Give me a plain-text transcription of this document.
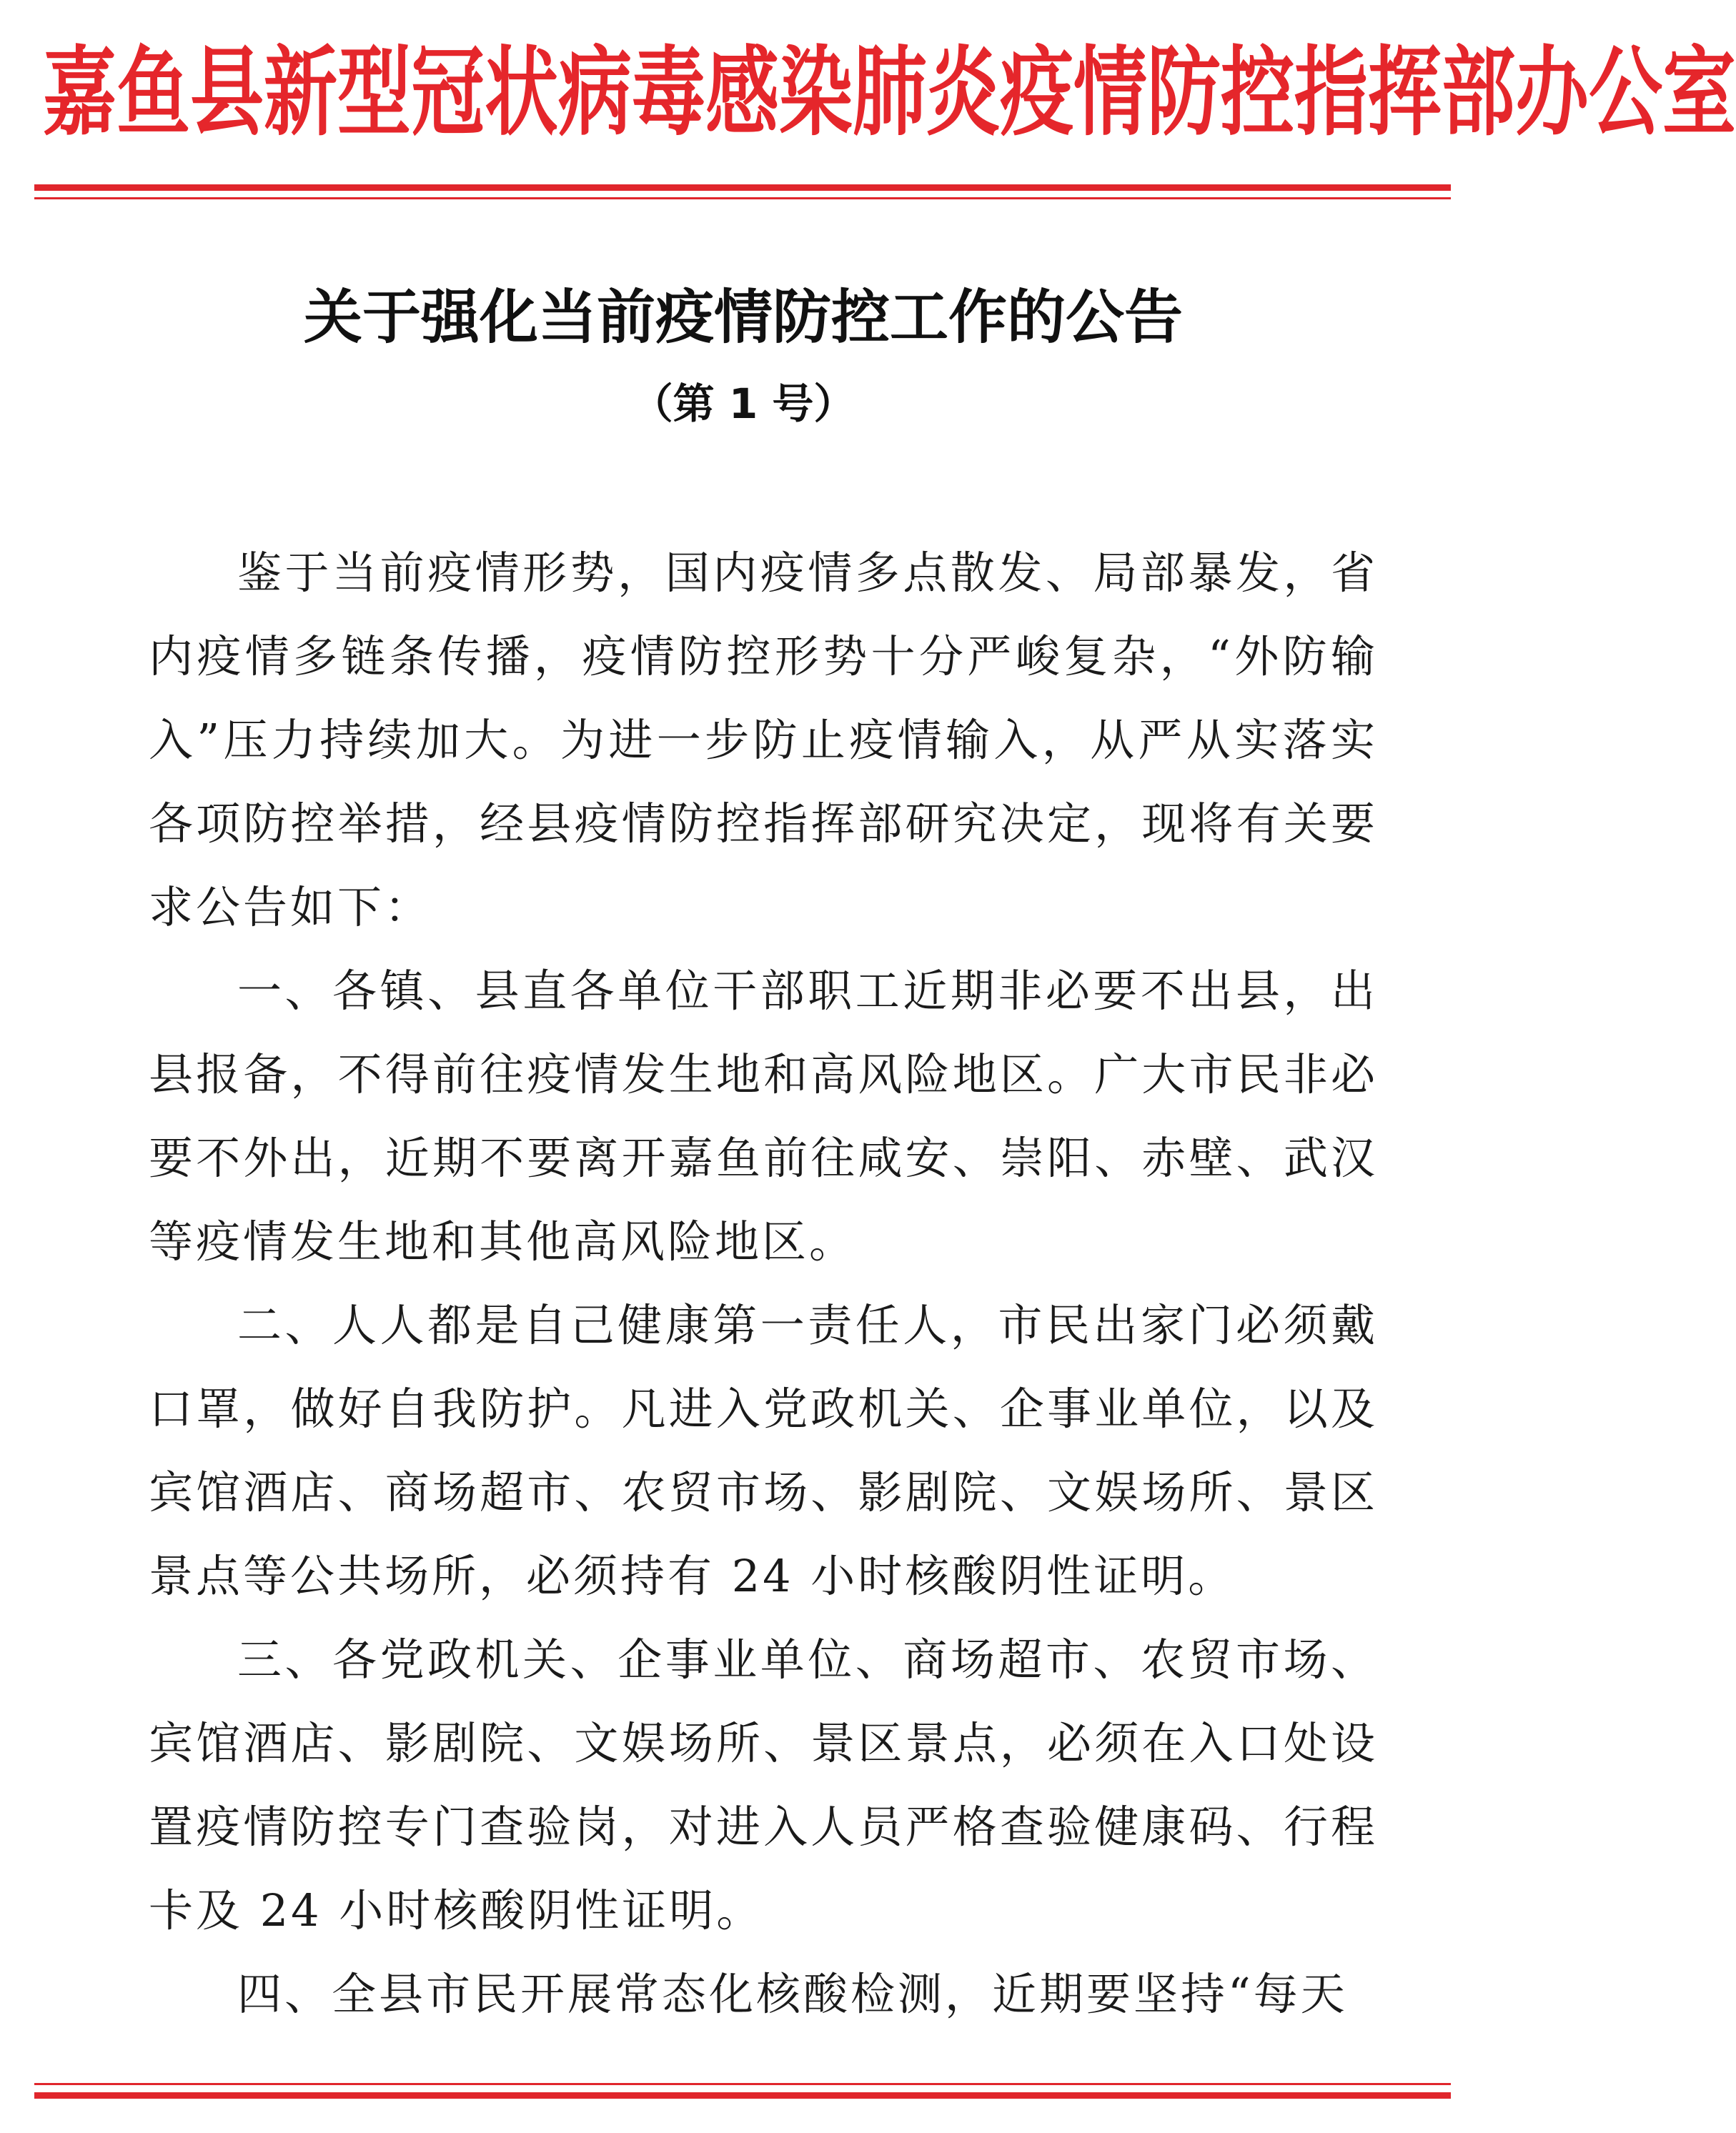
嘉鱼县新型冠状病毒感染肺炎疫情防控指挥部办公室
关于强化当前疫情防控工作的公告
（第 1 号）

鉴于当前疫情形势，国内疫情多点散发、局部暴发，省内疫情多链条传播，疫情防控形势十分严峻复杂，“外防输入”压力持续加大。为进一步防止疫情输入，从严从实落实各项防控举措，经县疫情防控指挥部研究决定，现将有关要求公告如下：

一、各镇、县直各单位干部职工近期非必要不出县，出县报备，不得前往疫情发生地和高风险地区。广大市民非必要不外出，近期不要离开嘉鱼前往咸安、崇阳、赤壁、武汉等疫情发生地和其他高风险地区。

二、人人都是自己健康第一责任人，市民出家门必须戴口罩，做好自我防护。凡进入党政机关、企事业单位，以及宾馆酒店、商场超市、农贸市场、影剧院、文娱场所、景区景点等公共场所，必须持有 24 小时核酸阴性证明。

三、各党政机关、企事业单位、商场超市、农贸市场、宾馆酒店、影剧院、文娱场所、景区景点，必须在入口处设置疫情防控专门查验岗，对进入人员严格查验健康码、行程卡及 24 小时核酸阴性证明。

四、全县市民开展常态化核酸检测，近期要坚持“每天
